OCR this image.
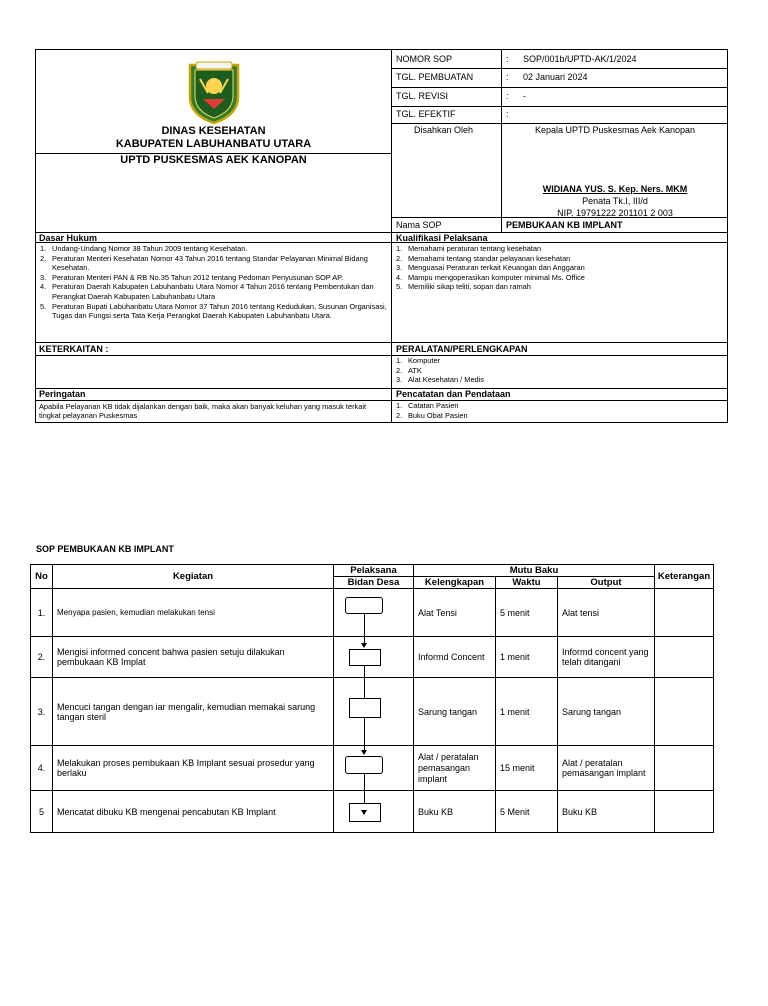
DINAS KESEHATAN
KABUPATEN LABUHANBATU UTARA
UPTD PUSKESMAS AEK KANOPAN
NOMOR SOP	: SOP/001b/UPTD-AK/1/2024
TGL. PEMBUATAN	: 02 Januari 2024
TGL. REVISI	: -
TGL. EFEKTIF	:
Disahkan Oleh	Kepala UPTD Puskesmas Aek Kanopan
WIDIANA YUS. S. Kep. Ners. MKM
Penata Tk.I, III/d
NIP. 19791222 201101 2 003
Nama SOP	PEMBUKAAN KB IMPLANT
Dasar Hukum	Kualifikasi Pelaksana
1. Undang-Undang Nomor 38 Tahun 2009 tentang Kesehatan.
2. Peraturan Menteri Kesehatan Nomor 43 Tahun 2016 tentang Standar Pelayanan Minimal Bidang Kesehatan.
3. Peraturan Menteri PAN & RB No.35 Tahun 2012 tentang Pedoman Penyusunan SOP AP.
4. Peraturan Daerah Kabupaten Labuhanbatu Utara Nomor 4 Tahun 2016 tentang Pembentukan dan Perangkat Daerah Kabupaten Labuhanbatu Utara
5. Peraturan Bupati Labuhanbatu Utara Nomor 37 Tahun 2016 tentang Kedudukan, Susunan Organisasi, Tugas dan Fungsi serta Tata Kerja Perangkat Daerah Kabupaten Labuhanbatu Utara.
1. Memahami peraturan tentang kesehatan
2. Memahami tentang standar pelayanan kesehatan
3. Menguasai Peraturan terkait Keuangan dan Anggaran
4. Mampu mengoperasikan komputer minimal Ms. Office
5. Memiliki sikap teliti, sopan dan ramah
KETERKAITAN :	PERALATAN/PERLENGKAPAN
1. Komputer
2. ATK
3. Alat Kesehatan / Medis
Peringatan	Pencatatan dan Pendataan
Apabila Pelayanan KB tidak dijalankan dengan baik, maka akan banyak keluhan yang masuk terkait tingkat pelayanan Puskesmas
1. Catatan Pasien
2. Buku Obat Pasien
SOP PEMBUKAAN KB IMPLANT
No	Kegiatan	Pelaksana	Mutu Baku			Keterangan
		Bidan Desa	Kelengkapan	Waktu	Output	
1.	Menyapa pasien, kemudian melakukan tensi		Alat Tensi	5 menit	Alat tensi	
2.	Mengisi informed concent bahwa pasien setuju dilakukan pembukaan KB Implat		Informd Concent	1 menit	Informd concent yang telah ditangani	
3.	Mencuci tangan dengan iar mengalir, kemudian memakai sarung tangan steril		Sarung tangan	1 menit	Sarung tangan	
4.	Melakukan proses pembukaan KB Implant sesuai prosedur yang berlaku		Alat / peratalan pemasangan implant	15 menit	Alat / peratalan pemasangan implant	
5	Mencatat dibuku KB mengenai pencabutan KB Implant		Buku KB	5 Menit	Buku KB	
